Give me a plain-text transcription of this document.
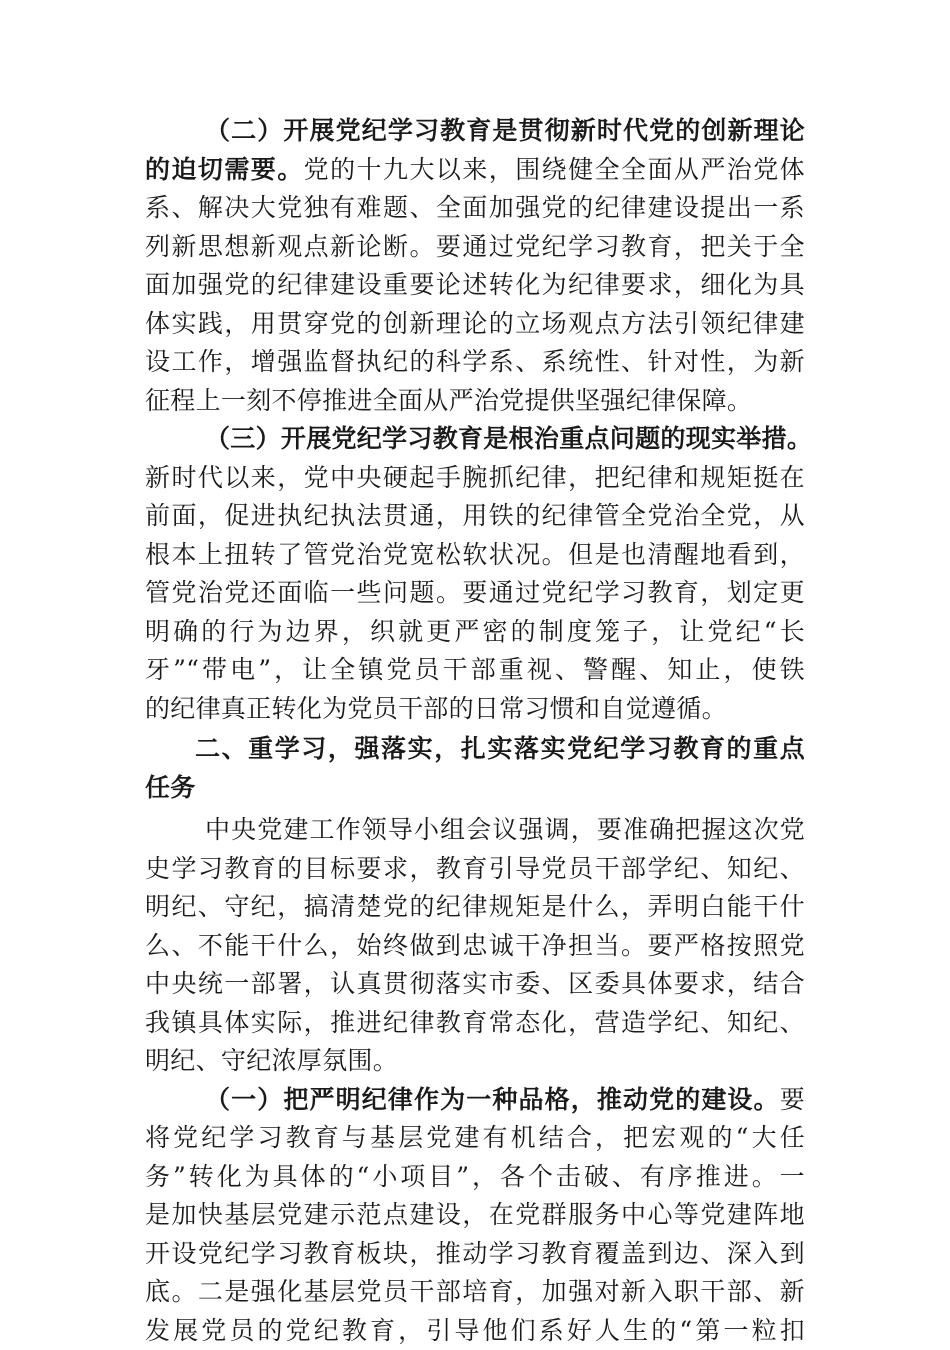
（二）开展党纪学习教育是贯彻新时代党的创新理论
的迫切需要。党的十九大以来，围绕健全全面从严治党体
系、解决大党独有难题、全面加强党的纪律建设提出一系
列新思想新观点新论断。要通过党纪学习教育，把关于全
面加强党的纪律建设重要论述转化为纪律要求，细化为具
体实践，用贯穿党的创新理论的立场观点方法引领纪律建
设工作，增强监督执纪的科学系、系统性、针对性，为新
征程上一刻不停推进全面从严治党提供坚强纪律保障。
（三）开展党纪学习教育是根治重点问题的现实举措。
新时代以来，党中央硬起手腕抓纪律，把纪律和规矩挺在
前面，促进执纪执法贯通，用铁的纪律管全党治全党，从
根本上扭转了管党治党宽松软状况。但是也清醒地看到，
管党治党还面临一些问题。要通过党纪学习教育，划定更
明确的行为边界，织就更严密的制度笼子，让党纪“长
牙”“带电”，让全镇党员干部重视、警醒、知止，使铁
的纪律真正转化为党员干部的日常习惯和自觉遵循。
二、重学习，强落实，扎实落实党纪学习教育的重点
任务
中央党建工作领导小组会议强调，要准确把握这次党
史学习教育的目标要求，教育引导党员干部学纪、知纪、
明纪、守纪，搞清楚党的纪律规矩是什么，弄明白能干什
么、不能干什么，始终做到忠诚干净担当。要严格按照党
中央统一部署，认真贯彻落实市委、区委具体要求，结合
我镇具体实际，推进纪律教育常态化，营造学纪、知纪、
明纪、守纪浓厚氛围。
（一）把严明纪律作为一种品格，推动党的建设。要
将党纪学习教育与基层党建有机结合，把宏观的“大任
务”转化为具体的“小项目”，各个击破、有序推进。一
是加快基层党建示范点建设，在党群服务中心等党建阵地
开设党纪学习教育板块，推动学习教育覆盖到边、深入到
底。二是强化基层党员干部培育，加强对新入职干部、新
发展党员的党纪教育，引导他们系好人生的“第一粒扣
